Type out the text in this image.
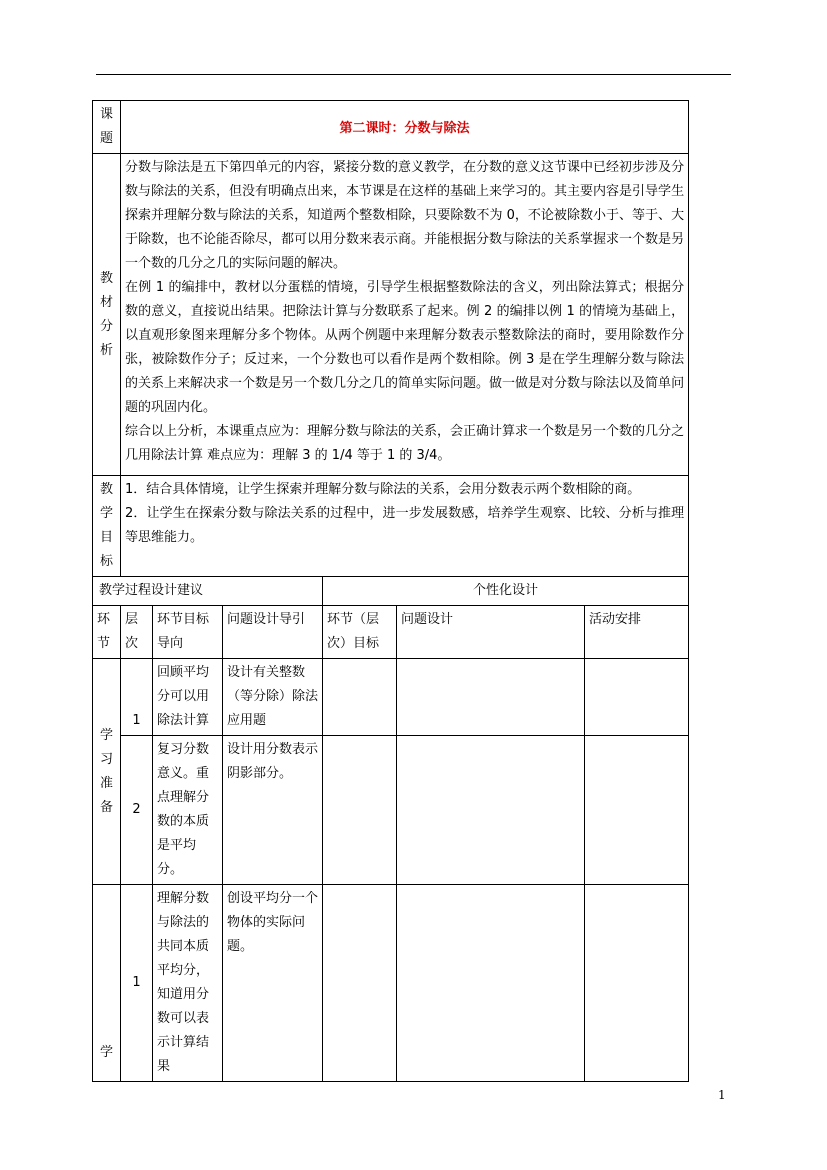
课题	第二课时：分数与除法					
教材分析	分数与除法是五下第四单元的内容，紧接分数的意义教学，在分数的意义这节课中已经初步涉及分数与除法的关系，但没有明确点出来，本节课是在这样的基础上来学习的。其主要内容是引导学生探索并理解分数与除法的关系，知道两个整数相除，只要除数不为 0，不论被除数小于、等于、大于除数，也不论能否除尽，都可以用分数来表示商。并能根据分数与除法的关系掌握求一个数是另一个数的几分之几的实际问题的解决。

在例 1 的编排中，教材以分蛋糕的情境，引导学生根据整数除法的含义，列出除法算式；根据分数的意义，直接说出结果。把除法计算与分数联系了起来。例 2 的编排以例 1 的情境为基础上，以直观形象图来理解分多个物体。从两个例题中来理解分数表示整数除法的商时，要用除数作分张，被除数作分子；反过来，一个分数也可以看作是两个数相除。例 3 是在学生理解分数与除法的关系上来解决求一个数是另一个数几分之几的简单实际问题。做一做是对分数与除法以及简单问题的巩固内化。

综合以上分析，本课重点应为：理解分数与除法的关系，会正确计算求一个数是另一个数的几分之几用除法计算 难点应为：理解 3 的 1/4 等于 1 的 3/4。					

教学目标	1．结合具体情境，让学生探索并理解分数与除法的关系，会用分数表示两个数相除的商。

2．让学生在探索分数与除法关系的过程中，进一步发展数感，培养学生观察、比较、分析与推理等思维能力。					

教学过程设计建议				个性化设计		
环节	层次	环节目标导向	问题设计导引	环节（层次）目标	问题设计	活动安排
学习准备	1	回顾平均分可以用除法计算	设计有关整数（等分除）除法应用题			
	2	复习分数意义。重点理解分数的本质是平均分。	设计用分数表示阴影部分。			
学	1	理解分数与除法的共同本质平均分，知道用分数可以表示计算结果	创设平均分一个物体的实际问题。			
1
